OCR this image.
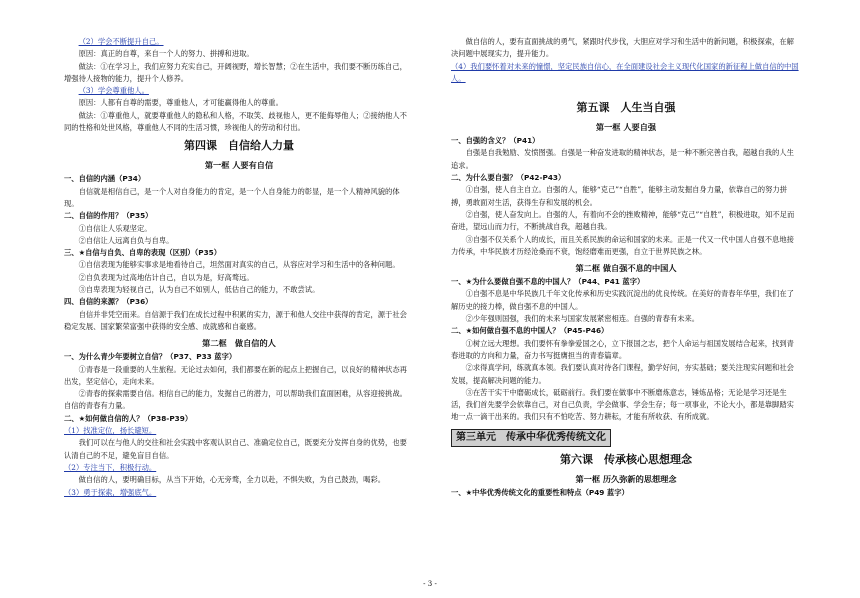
（2）学会不断提升自己。

原因：真正的自尊，来自一个人的努力、拼搏和进取。

做法：①在学习上，我们应努力充实自己，开阔视野，增长智慧；②在生活中，我们要不断历练自己，增强待人接物的能力，提升个人修养。

（3）学会尊重他人。

原因：人都有自尊的需要，尊重他人，才可能赢得他人的尊重。

做法：①尊重他人，就要尊重他人的隐私和人格，不取笑、歧视他人，更不能侮辱他人；②接纳他人不同的性格和处世风格，尊重他人不同的生活习惯，珍视他人的劳动和付出。

第四课　自信给人力量
第一框 人要有自信

一、自信的内涵（P34）

自信就是相信自己，是一个人对自身能力的肯定，是一个人自身能力的彰显，是一个人精神风貌的体现。

二、自信的作用？（P35）

①自信让人乐观坚定。

②自信让人远离自负与自卑。

三、★自信与自负、自卑的表现（区别）（P35）

①自信表现为能够实事求是地看待自己，坦然面对真实的自己，从容应对学习和生活中的各种问题。

②自负表现为过高地估计自己，自以为是，好高骛远。

③自卑表现为轻视自己，认为自己不如别人，低估自己的能力，不敢尝试。

四、自信的来源？（P36）

自信并非凭空而来。自信源于我们在成长过程中积累的实力，源于和他人交往中获得的肯定，源于社会稳定发展、国家繁荣富强中获得的安全感、成就感和自豪感。

第二框　做自信的人

一、为什么青少年要树立自信？（P37、P33 蓝字）

①青春是一段重要的人生旅程。无论过去如何，我们都要在新的起点上把握自己，以良好的精神状态再出发，坚定信心，走向未来。

②青春的探索需要自信。相信自己的能力，发掘自己的潜力，可以帮助我们直面困难，从容迎接挑战。自信的青春有力量。

二、★如何做自信的人？（P38-P39）

（1）找准定位，扬长避短。

我们可以在与他人的交往和社会实践中客观认识自己、准确定位自己，既要充分发挥自身的优势，也要认清自己的不足，避免盲目自信。

（2）专注当下，积极行动。

做自信的人，要明确目标，从当下开始，心无旁骛，全力以赴，不惧失败，为自己鼓劲，喝彩。

（3）勇于探索，增强底气。

做自信的人，要有直面挑战的勇气，紧跟时代步伐，大胆应对学习和生活中的新问题，积极探索，在解决问题中展现实力，提升能力。

（4）我们要怀着对未来的憧憬，坚定民族自信心，在全面建设社会主义现代化国家的新征程上做自信的中国人。

第五课　人生当自强
第一框 人要自强

一、自强的含义？（P41）

自强是自我勉励、发愤图强。自强是一种奋发进取的精神状态，是一种不断完善自我，超越自我的人生追求。

二、为什么要自强？（P42-P43）

①自强，使人自主自立。自强的人，能够“克己”“自胜”，能够主动发掘自身力量，依靠自己的努力拼搏，勇敢面对生活，获得生存和发展的机会。

②自强，使人奋发向上。自强的人，有着向不会的挫败精神，能够“克己”“自胜”，积极进取，知不足而奋进，望远山而力行，不断挑战自我，超越自我。

③自强不仅关系个人的成长，而且关系民族的命运和国家的未来。正是一代又一代中国人自强不息地接力传承，中华民族才历经沧桑而不衰，饱经磨难而更强，自立于世界民族之林。

第二框 做自强不息的中国人

一、★为什么要做自强不息的中国人？（P44、P41 蓝字）

①自强不息是中华民族几千年文化传承和历史实践沉淀出的优良传统。在美好的青春年华里，我们在了解历史的接力棒，做自强不息的中国人。

②少年强则国强，我们的未来与国家发展紧密相连。自强的青春有未来。

二、★如何做自强不息的中国人？（P45-P46）

①树立远大理想。我们要怀有拳拳爱国之心，立下报国之志，把个人命运与祖国发展结合起来，找到青春进取的方向和力量，奋力书写挺膺担当的青春篇章。

②求得真学问，练就真本领。我们要认真对待各门课程，勤学好问，夯实基础；要关注现实问题和社会发展，提高解决问题的能力。

③在苦干实干中磨砺成长，砥砺前行。我们要在做事中不断磨炼意志，锤炼品格；无论是学习还是生活，我们首先要学会依靠自己，对自己负责，学会做事、学会生存；每一项事业，不论大小，都是靠脚踏实地一点一滴干出来的。我们只有不怕吃苦、努力耕耘，才能有所收获、有所成就。

第三单元　传承中华优秀传统文化
第六课　传承核心思想理念
第一框 历久弥新的思想理念

一、★中华优秀传统文化的重要性和特点（P49 蓝字）

- 3 -
